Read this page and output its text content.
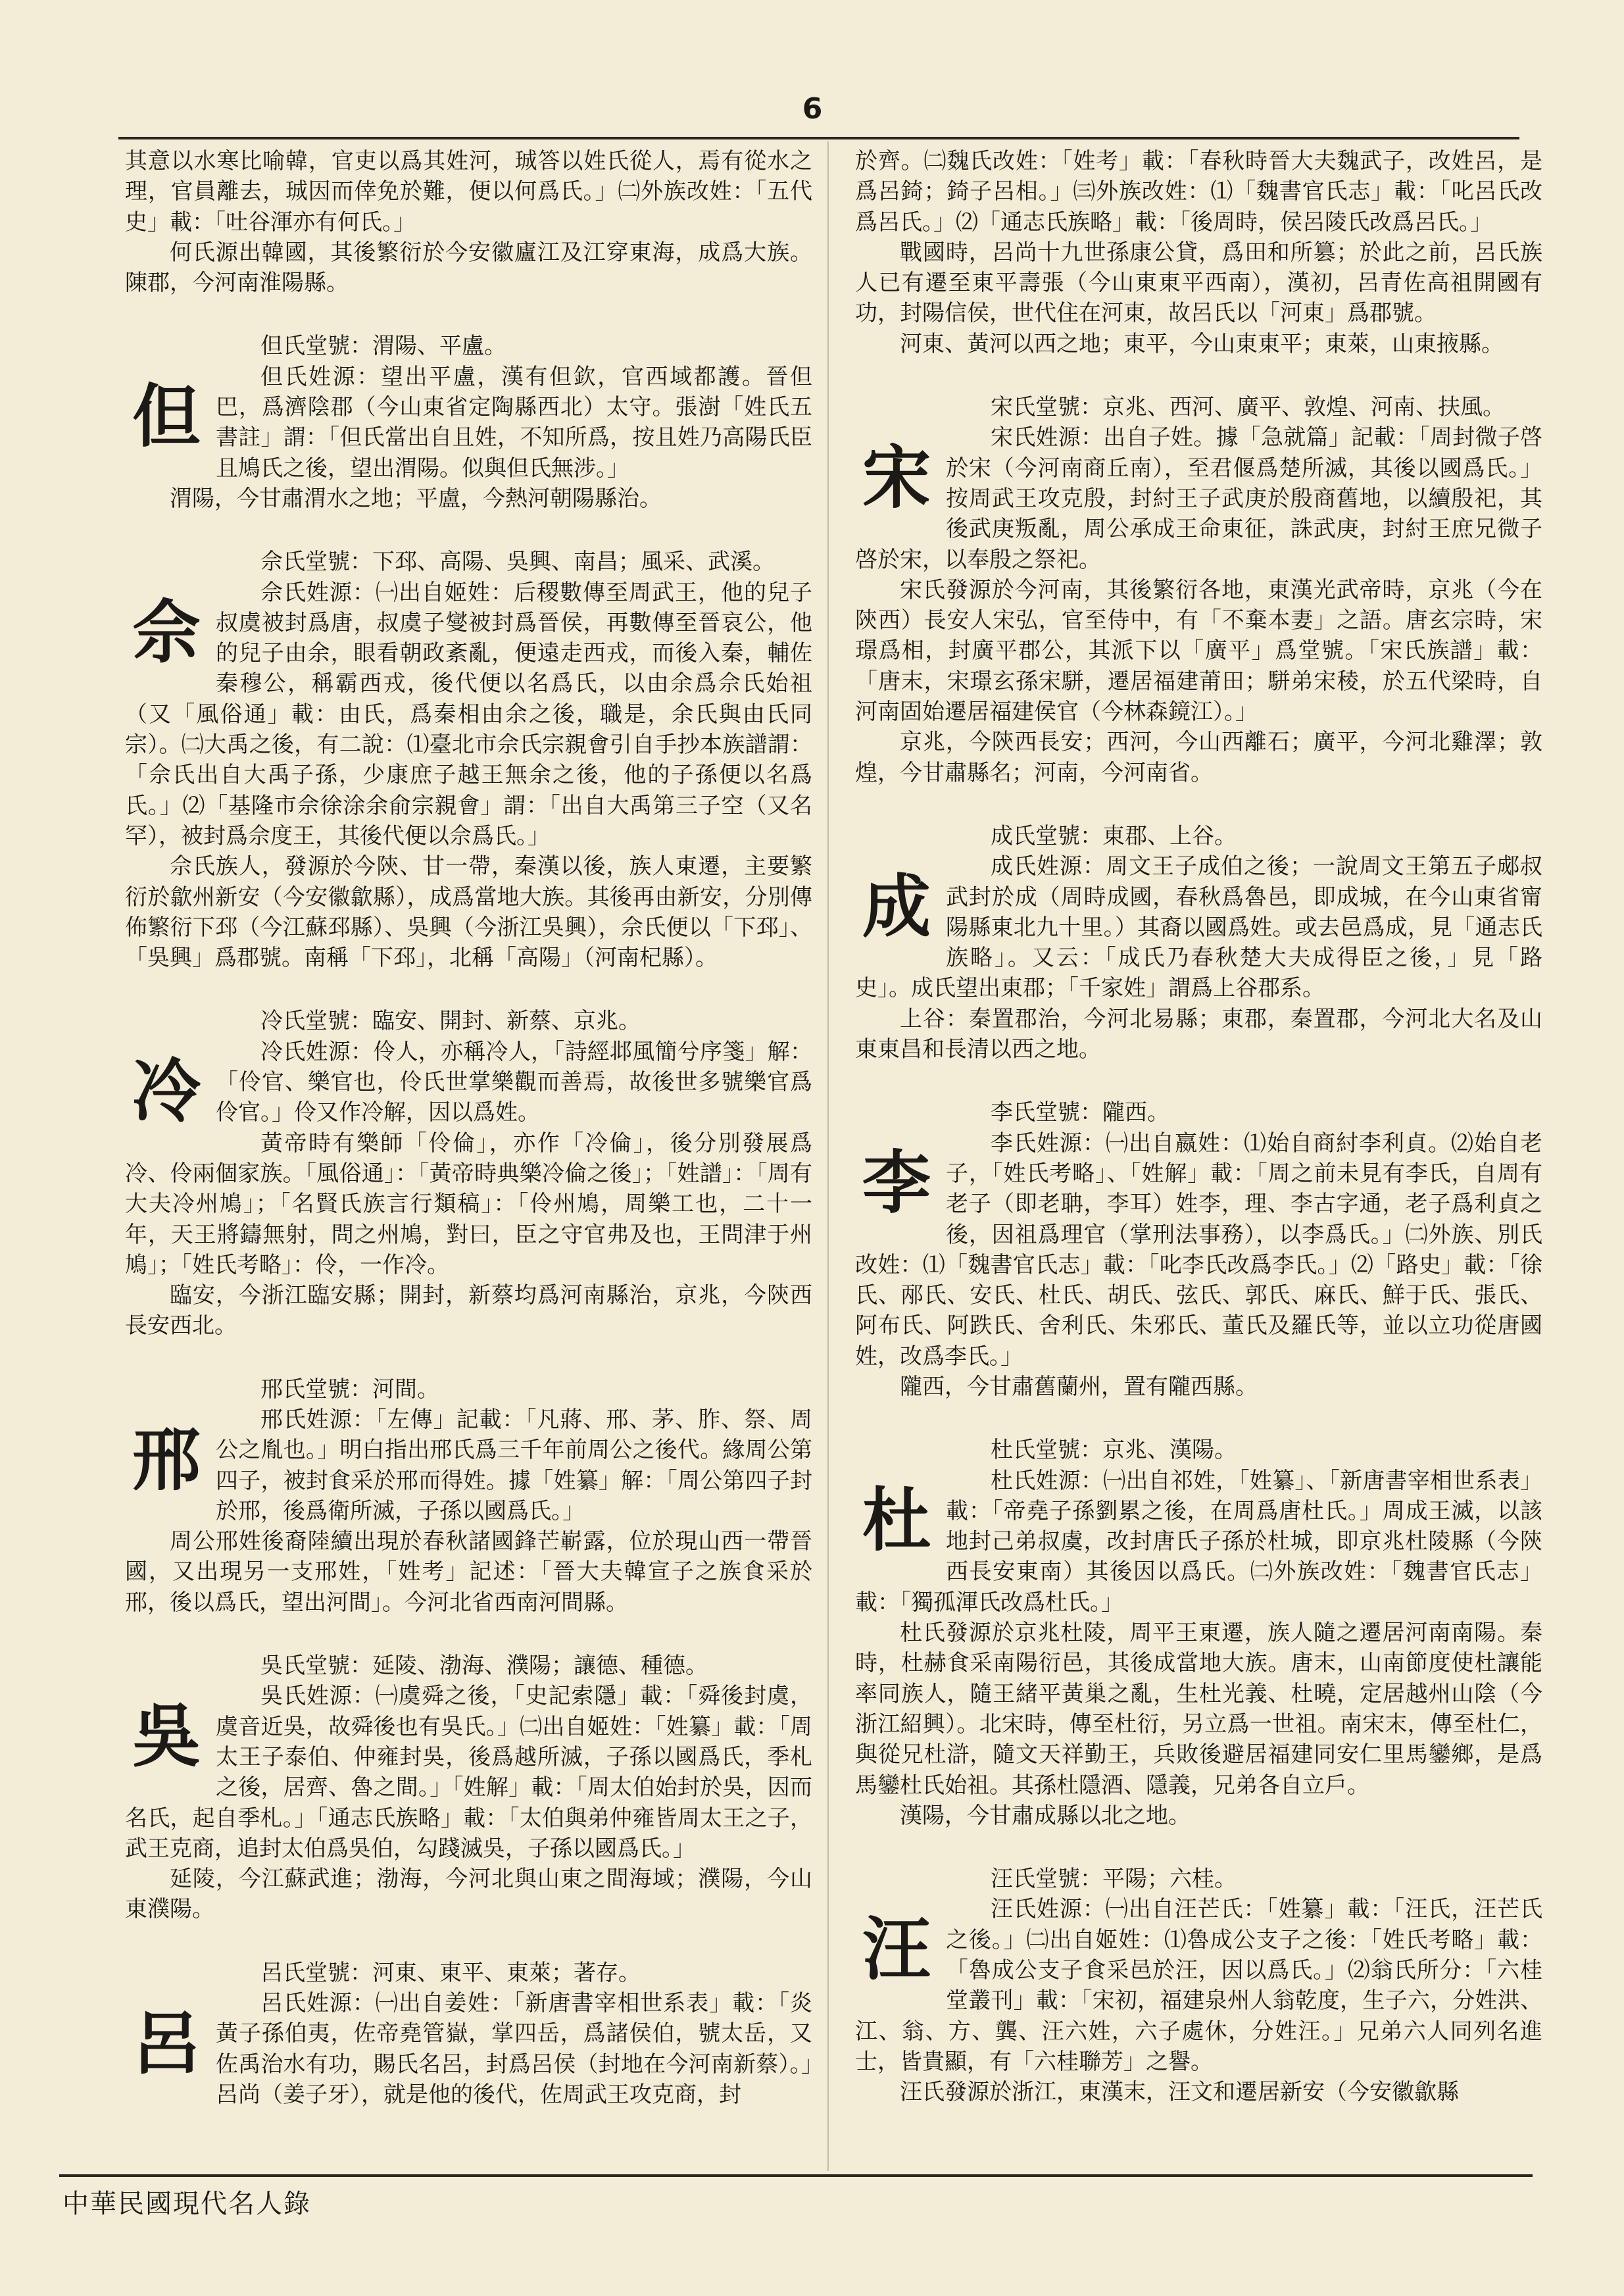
6

其意以水寒比喻韓，官吏以爲其姓河，珹答以姓氏從人，焉有從水之理，官員離去，珹因而倖免於難，便以何爲氏。」㈡外族改姓：「五代史」載：「吐谷渾亦有何氏。」

何氏源出韓國，其後繁衍於今安徽廬江及江穿東海，成爲大族。陳郡，今河南淮陽縣。

但

但氏堂號：渭陽、平盧。

但氏姓源：望出平盧，漢有但欽，官西域都護。晉但巴，爲濟陰郡（今山東省定陶縣西北）太守。張澍「姓氏五書註」謂：「但氏當出自且姓，不知所爲，按且姓乃高陽氏臣且鳩氏之後，望出渭陽。似與但氏無涉。」

渭陽，今甘肅渭水之地；平盧，今熱河朝陽縣治。

佘

佘氏堂號：下邳、高陽、吳興、南昌；風采、武溪。

佘氏姓源：㈠出自姬姓：后稷數傳至周武王，他的兒子叔虞被封爲唐，叔虞子燮被封爲晉侯，再數傳至晉哀公，他的兒子由余，眼看朝政紊亂，便遠走西戎，而後入秦，輔佐秦穆公，稱霸西戎，後代便以名爲氏，以由余爲佘氏始祖（又「風俗通」載：由氏，爲秦相由余之後，職是，余氏與由氏同宗）。㈡大禹之後，有二說：⑴臺北市佘氏宗親會引自手抄本族譜謂：「佘氏出自大禹子孫，少康庶子越王無余之後，他的子孫便以名爲氏。」⑵「基隆市佘徐涂余俞宗親會」謂：「出自大禹第三子空（又名罕），被封爲佘度王，其後代便以佘爲氏。」

佘氏族人，發源於今陝、甘一帶，秦漢以後，族人東遷，主要繁衍於歙州新安（今安徽歙縣），成爲當地大族。其後再由新安，分別傳佈繁衍下邳（今江蘇邳縣）、吳興（今浙江吳興），佘氏便以「下邳」、「吳興」爲郡號。南稱「下邳」，北稱「高陽」（河南杞縣）。

冷

冷氏堂號：臨安、開封、新蔡、京兆。

冷氏姓源：伶人，亦稱冷人，「詩經邶風簡兮序箋」解：「伶官、樂官也，伶氏世掌樂觀而善焉，故後世多號樂官爲伶官。」伶又作冷解，因以爲姓。

黃帝時有樂師「伶倫」，亦作「冷倫」，後分別發展爲冷、伶兩個家族。「風俗通」：「黃帝時典樂冷倫之後」；「姓譜」：「周有大夫冷州鳩」；「名賢氏族言行類稿」：「伶州鳩，周樂工也，二十一年，天王將鑄無射，問之州鳩，對曰，臣之守官弗及也，王問津于州鳩」；「姓氏考略」：伶，一作冷。

臨安，今浙江臨安縣；開封，新蔡均爲河南縣治，京兆，今陝西長安西北。

邢

邢氏堂號：河間。

邢氏姓源：「左傳」記載：「凡蔣、邢、茅、胙、祭、周公之胤也。」明白指出邢氏爲三千年前周公之後代。緣周公第四子，被封食采於邢而得姓。據「姓纂」解：「周公第四子封於邢，後爲衛所滅，子孫以國爲氏。」

周公邢姓後裔陸續出現於春秋諸國鋒芒嶄露，位於現山西一帶晉國，又出現另一支邢姓，「姓考」記述：「晉大夫韓宣子之族食采於邢，後以爲氏，望出河間」。今河北省西南河間縣。

吳

吳氏堂號：延陵、渤海、濮陽；讓德、種德。

吳氏姓源：㈠虞舜之後，「史記索隱」載：「舜後封虞，虞音近吳，故舜後也有吳氏。」㈡出自姬姓：「姓纂」載：「周太王子泰伯、仲雍封吳，後爲越所滅，子孫以國爲氏，季札之後，居齊、魯之間。」「姓解」載：「周太伯始封於吳，因而名氏，起自季札。」「通志氏族略」載：「太伯與弟仲雍皆周太王之子，武王克商，追封太伯爲吳伯，勾踐滅吳，子孫以國爲氏。」

延陵，今江蘇武進；渤海，今河北與山東之間海域；濮陽，今山東濮陽。

呂

呂氏堂號：河東、東平、東萊；著存。

呂氏姓源：㈠出自姜姓：「新唐書宰相世系表」載：「炎黃子孫伯夷，佐帝堯管嶽，掌四岳，爲諸侯伯，號太岳，又佐禹治水有功，賜氏名呂，封爲呂侯（封地在今河南新蔡）。」呂尚（姜子牙），就是他的後代，佐周武王攻克商，封

於齊。㈡魏氏改姓：「姓考」載：「春秋時晉大夫魏武子，改姓呂，是爲呂錡；錡子呂相。」㈢外族改姓：⑴「魏書官氏志」載：「叱呂氏改爲呂氏。」⑵「通志氏族略」載：「後周時，侯呂陵氏改爲呂氏。」

戰國時，呂尚十九世孫康公貸，爲田和所篡；於此之前，呂氏族人已有遷至東平壽張（今山東東平西南），漢初，呂青佐高祖開國有功，封陽信侯，世代住在河東，故呂氏以「河東」爲郡號。

河東、黃河以西之地；東平，今山東東平；東萊，山東掖縣。

宋

宋氏堂號：京兆、西河、廣平、敦煌、河南、扶風。

宋氏姓源：出自子姓。據「急就篇」記載：「周封微子啓於宋（今河南商丘南），至君偃爲楚所滅，其後以國爲氏。」按周武王攻克殷，封紂王子武庚於殷商舊地，以續殷祀，其後武庚叛亂，周公承成王命東征，誅武庚，封紂王庶兄微子啓於宋，以奉殷之祭祀。

宋氏發源於今河南，其後繁衍各地，東漢光武帝時，京兆（今在陝西）長安人宋弘，官至侍中，有「不棄本妻」之語。唐玄宗時，宋璟爲相，封廣平郡公，其派下以「廣平」爲堂號。「宋氏族譜」載：「唐末，宋璟玄孫宋駢，遷居福建莆田；駢弟宋稜，於五代梁時，自河南固始遷居福建侯官（今林森鏡江）。」

京兆，今陝西長安；西河，今山西離石；廣平，今河北雞澤；敦煌，今甘肅縣名；河南，今河南省。

成

成氏堂號：東郡、上谷。

成氏姓源：周文王子成伯之後；一說周文王第五子郕叔武封於成（周時成國，春秋爲魯邑，即成城，在今山東省甯陽縣東北九十里。）其裔以國爲姓。或去邑爲成，見「通志氏族略」。又云：「成氏乃春秋楚大夫成得臣之後，」見「路史」。成氏望出東郡；「千家姓」謂爲上谷郡系。

上谷：秦置郡治，今河北易縣；東郡，秦置郡，今河北大名及山東東昌和長清以西之地。

李

李氏堂號：隴西。

李氏姓源：㈠出自嬴姓：⑴始自商紂李利貞。⑵始自老子，「姓氏考略」、「姓解」載：「周之前未見有李氏，自周有老子（即老聃，李耳）姓李，理、李古字通，老子爲利貞之後，因祖爲理官（掌刑法事務），以李爲氏。」㈡外族、別氏改姓：⑴「魏書官氏志」載：「叱李氏改爲李氏。」⑵「路史」載：「徐氏、邴氏、安氏、杜氏、胡氏、弦氏、郭氏、麻氏、鮮于氏、張氏、阿布氏、阿跌氏、舍利氏、朱邪氏、董氏及羅氏等，並以立功從唐國姓，改爲李氏。」

隴西，今甘肅舊蘭州，置有隴西縣。

杜

杜氏堂號：京兆、漢陽。

杜氏姓源：㈠出自祁姓，「姓纂」、「新唐書宰相世系表」載：「帝堯子孫劉累之後，在周爲唐杜氏。」周成王滅，以該地封己弟叔虞，改封唐氏子孫於杜城，即京兆杜陵縣（今陝西長安東南）其後因以爲氏。㈡外族改姓：「魏書官氏志」載：「獨孤渾氏改爲杜氏。」

杜氏發源於京兆杜陵，周平王東遷，族人隨之遷居河南南陽。秦時，杜赫食采南陽衍邑，其後成當地大族。唐末，山南節度使杜讓能率同族人，隨王緒平黃巢之亂，生杜光義、杜曉，定居越州山陰（今浙江紹興）。北宋時，傳至杜衍，另立爲一世祖。南宋末，傳至杜仁，與從兄杜滸，隨文天祥勤王，兵敗後避居福建同安仁里馬鑾鄉，是爲馬鑾杜氏始祖。其孫杜隱酒、隱義，兄弟各自立戶。

漢陽，今甘肅成縣以北之地。

汪

汪氏堂號：平陽；六桂。

汪氏姓源：㈠出自汪芒氏：「姓纂」載：「汪氏，汪芒氏之後。」㈡出自姬姓：⑴魯成公支子之後：「姓氏考略」載：「魯成公支子食采邑於汪，因以爲氏。」⑵翁氏所分：「六桂堂叢刊」載：「宋初，福建泉州人翁乾度，生子六，分姓洪、江、翁、方、龔、汪六姓，六子處休，分姓汪。」兄弟六人同列名進士，皆貴顯，有「六桂聯芳」之譽。

汪氏發源於浙江，東漢末，汪文和遷居新安（今安徽歙縣

中華民國現代名人錄
